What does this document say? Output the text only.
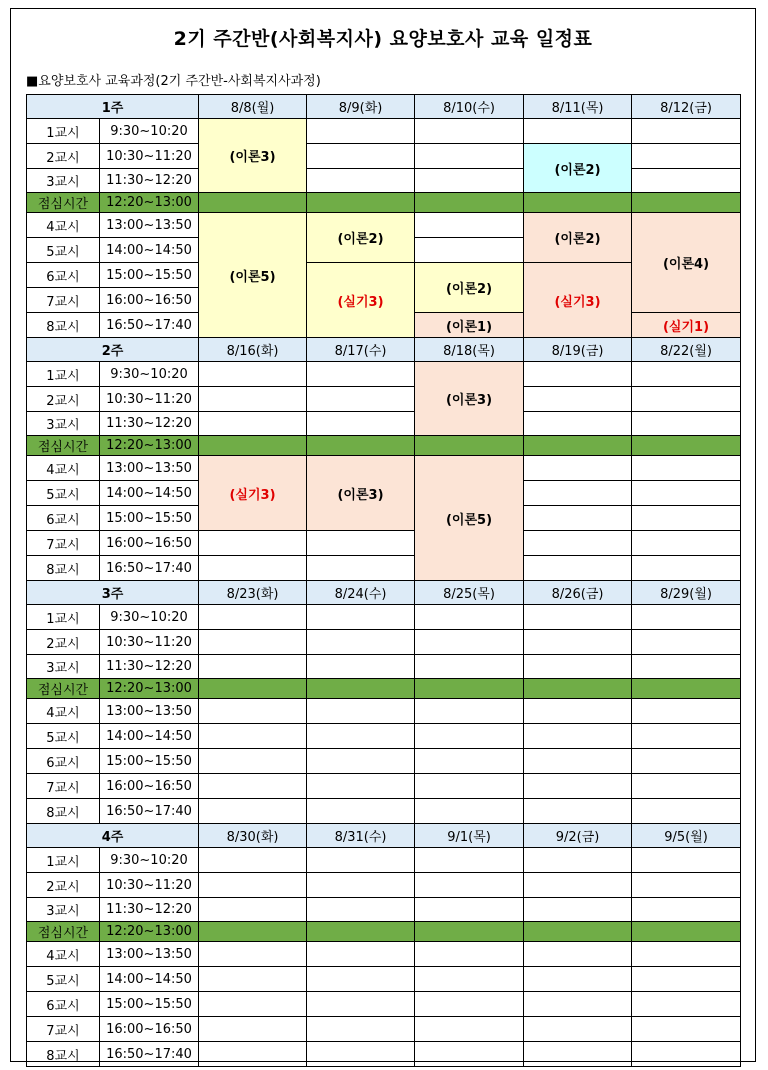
2기 주간반(사회복지사) 요양보호사 교육 일정표
■요양보호사 교육과정(2기 주간반-사회복지사과정)
1주		8/8(월)	8/9(화)	8/10(수)	8/11(목)	8/12(금)
1교시	9:30~10:20	(이론3)				
2교시	10:30~11:20				(이론2)	
3교시	11:30~12:20					
점심시간	12:20~13:00					
4교시	13:00~13:50	(이론5)	(이론2)		(이론2)	(이론4)
5교시	14:00~14:50					
6교시	15:00~15:50		(실기3)	(이론2)	(실기3)	
7교시	16:00~16:50					
8교시	16:50~17:40			(이론1)		(실기1)
2주		8/16(화)	8/17(수)	8/18(목)	8/19(금)	8/22(월)
1교시	9:30~10:20			(이론3)		
2교시	10:30~11:20					
3교시	11:30~12:20					
점심시간	12:20~13:00					
4교시	13:00~13:50	(실기3)	(이론3)	(이론5)		
5교시	14:00~14:50					
6교시	15:00~15:50					
7교시	16:00~16:50					
8교시	16:50~17:40					
3주		8/23(화)	8/24(수)	8/25(목)	8/26(금)	8/29(월)
1교시	9:30~10:20					
2교시	10:30~11:20					
3교시	11:30~12:20					
점심시간	12:20~13:00					
4교시	13:00~13:50					
5교시	14:00~14:50					
6교시	15:00~15:50					
7교시	16:00~16:50					
8교시	16:50~17:40					
4주		8/30(화)	8/31(수)	9/1(목)	9/2(금)	9/5(월)
1교시	9:30~10:20					
2교시	10:30~11:20					
3교시	11:30~12:20					
점심시간	12:20~13:00					
4교시	13:00~13:50					
5교시	14:00~14:50					
6교시	15:00~15:50					
7교시	16:00~16:50					
8교시	16:50~17:40					
